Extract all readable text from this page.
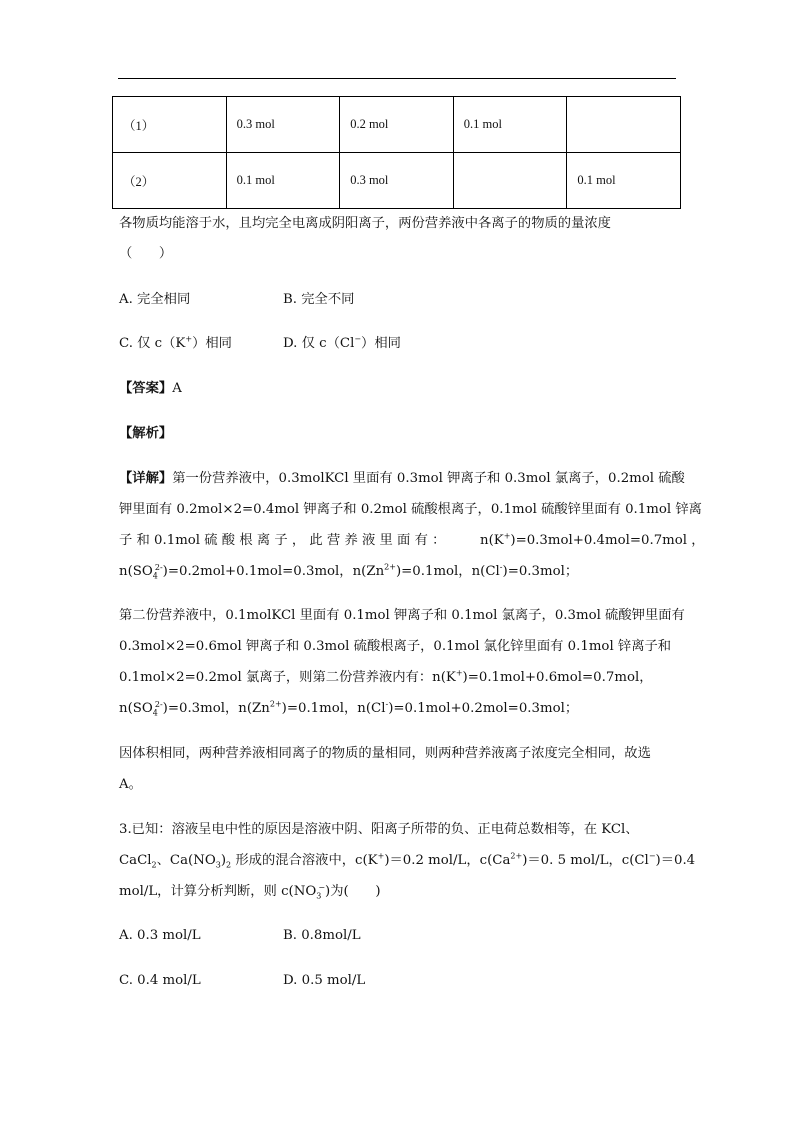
（1）	0.3 mol	0.2 mol	0.1 mol	
（2）	0.1 mol	0.3 mol		0.1 mol
各物质均能溶于水，且均完全电离成阴阳离子，两份营养液中各离子的物质的量浓度
（　　）
A. 完全相同	B. 完全不同
C. 仅 c（K+）相同	D. 仅 c（Cl−）相同
【答案】A
【解析】
【详解】第一份营养液中，0.3molKCl 里面有 0.3mol 钾离子和 0.3mol 氯离子，0.2mol 硫酸
钾里面有 0.2mol×2=0.4mol 钾离子和 0.2mol 硫酸根离子，0.1mol 硫酸锌里面有 0.1mol 锌离
子 和 0.1mol 硫 酸 根 离 子 ， 此 营 养 液 里 面 有 ：	n(K+)=0.3mol+0.4mol=0.7mol ，
$n(SO_4^{2-})=0.2mol+0.1mol=0.3mol$，$n(Zn^{2+})=0.1mol$，n(Cl-)=0.3mol；
第二份营养液中，0.1molKCl 里面有 0.1mol 钾离子和 0.1mol 氯离子，0.3mol 硫酸钾里面有
0.3mol×2=0.6mol 钾离子和 0.3mol 硫酸根离子，0.1mol 氯化锌里面有 0.1mol 锌离子和
0.1mol×2=0.2mol 氯离子，则第二份营养液内有：n(K+)=0.1mol+0.6mol=0.7mol，
$n(SO_4^{2-})=0.3mol$，$n(Zn^{2+})=0.1mol$，n(Cl-)=0.1mol+0.2mol=0.3mol；
因体积相同，两种营养液相同离子的物质的量相同，则两种营养液离子浓度完全相同，故选
A。
3.已知：溶液呈电中性的原因是溶液中阴、阳离子所带的负、正电荷总数相等，在 KCl、
CaCl$_2$、$Ca(NO_3)_2$ 形成的混合溶液中，c(K+)＝0.2 mol/L，$c(Ca^{2+})=0$. 5 mol/L，c(Cl−)＝0.4
mol/L，计算分析判断，则 $c(NO_3^-)$为(　　)
A. 0.3 mol/L	B. 0.8mol/L
C. 0.4 mol/L	D. 0.5 mol/L
